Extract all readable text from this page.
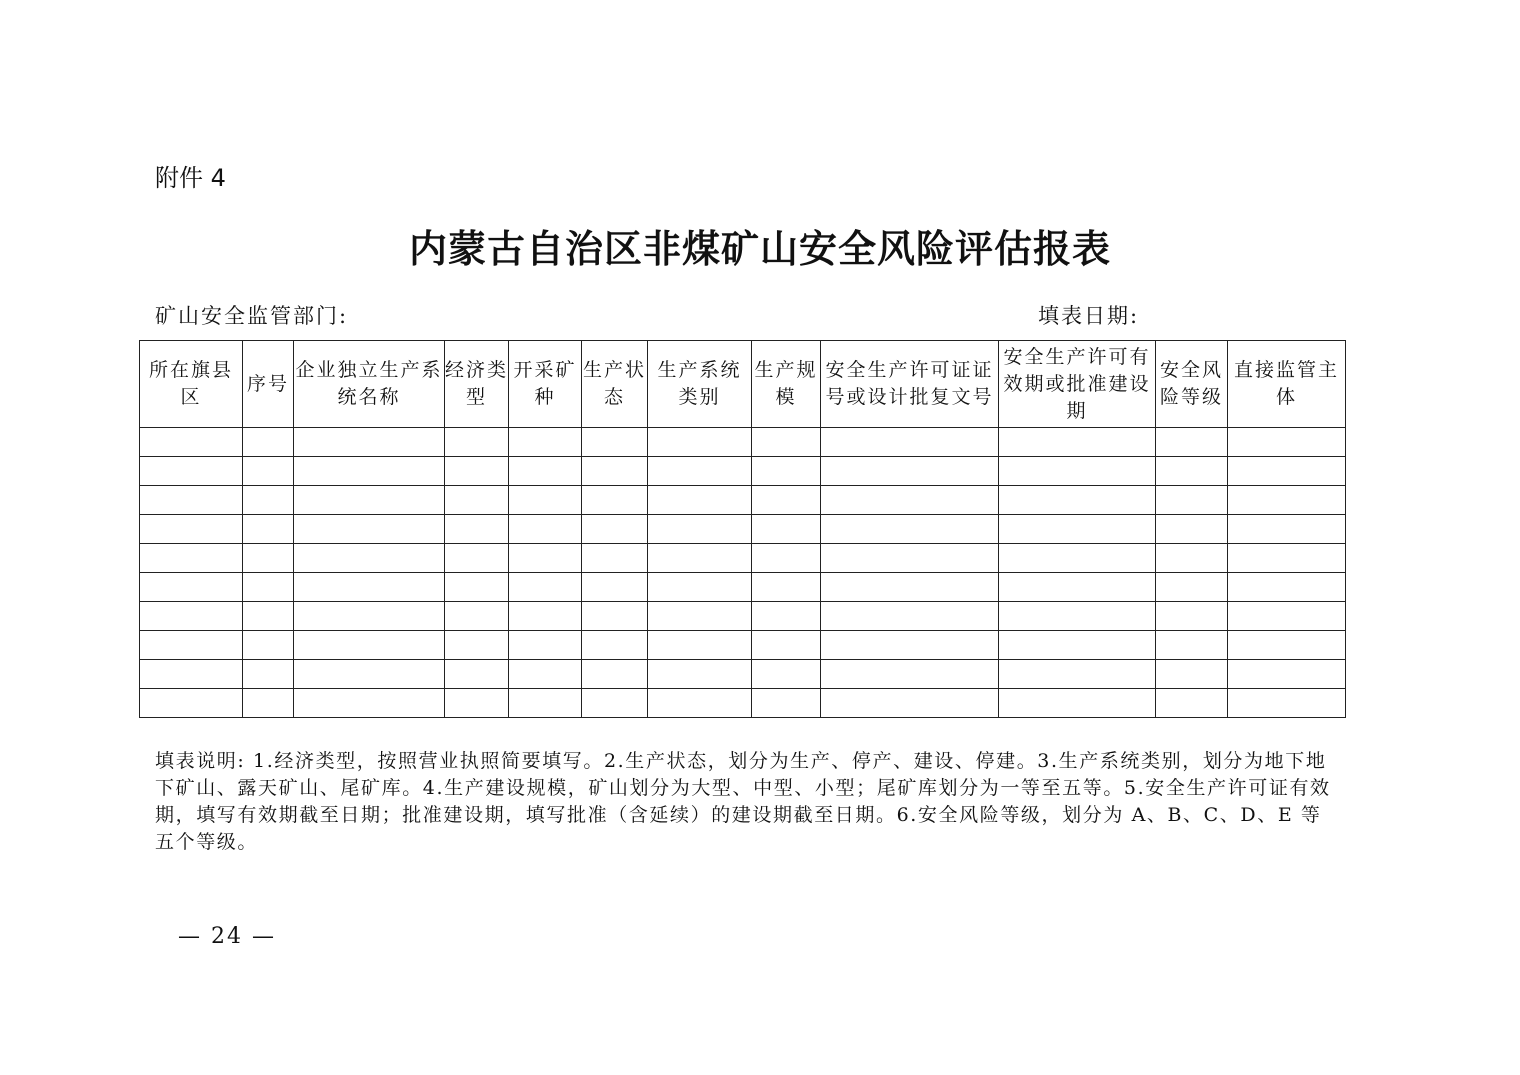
附件 4
内蒙古自治区非煤矿山安全风险评估报表
矿山安全监管部门:	填表日期:
所在旗县区	序号	企业独立生产系统名称	经济类型	开采矿种	生产状态	生产系统类别	生产规模	安全生产许可证证号或设计批复文号	安全生产许可有效期或批准建设期	安全风险等级	直接监管主体

填表说明: 1.经济类型，按照营业执照简要填写。2.生产状态，划分为生产、停产、建设、停建。3.生产系统类别，划分为地下地下矿山、露天矿山、尾矿库。4.生产建设规模，矿山划分为大型、中型、小型；尾矿库划分为一等至五等。5.安全生产许可证有效期，填写有效期截至日期；批准建设期，填写批准（含延续）的建设期截至日期。6.安全风险等级，划分为 A、B、C、D、E 等五个等级。
— 24 —
